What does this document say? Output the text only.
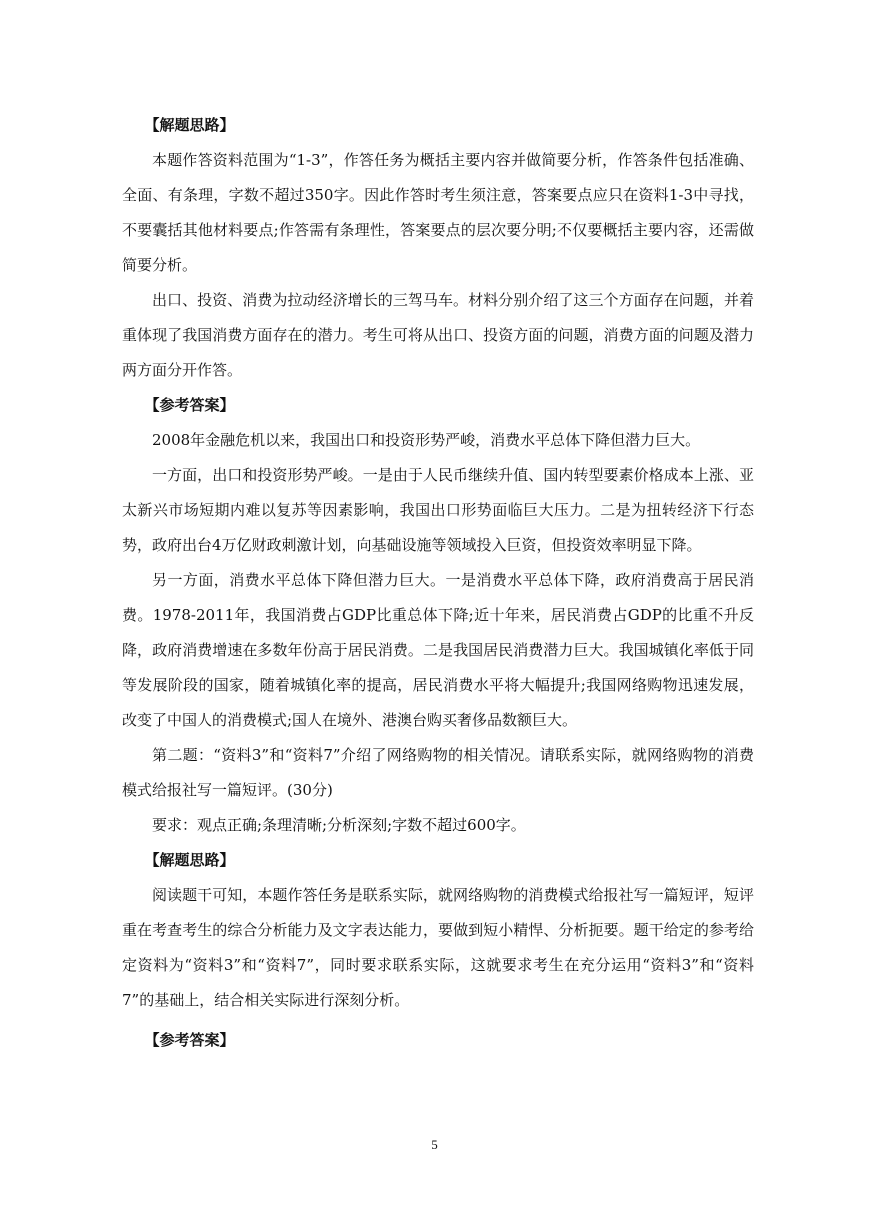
【解题思路】

本题作答资料范围为“1-3”，作答任务为概括主要内容并做简要分析，作答条件包括准确、全面、有条理，字数不超过350字。因此作答时考生须注意，答案要点应只在资料1-3中寻找，不要囊括其他材料要点;作答需有条理性，答案要点的层次要分明;不仅要概括主要内容，还需做简要分析。

出口、投资、消费为拉动经济增长的三驾马车。材料分别介绍了这三个方面存在问题，并着重体现了我国消费方面存在的潜力。考生可将从出口、投资方面的问题，消费方面的问题及潜力两方面分开作答。

【参考答案】

2008年金融危机以来，我国出口和投资形势严峻，消费水平总体下降但潜力巨大。

一方面，出口和投资形势严峻。一是由于人民币继续升值、国内转型要素价格成本上涨、亚太新兴市场短期内难以复苏等因素影响，我国出口形势面临巨大压力。二是为扭转经济下行态势，政府出台4万亿财政刺激计划，向基础设施等领域投入巨资，但投资效率明显下降。

另一方面，消费水平总体下降但潜力巨大。一是消费水平总体下降，政府消费高于居民消费。1978-2011年，我国消费占GDP比重总体下降;近十年来，居民消费占GDP的比重不升反降，政府消费增速在多数年份高于居民消费。二是我国居民消费潜力巨大。我国城镇化率低于同等发展阶段的国家，随着城镇化率的提高，居民消费水平将大幅提升;我国网络购物迅速发展，改变了中国人的消费模式;国人在境外、港澳台购买奢侈品数额巨大。

第二题：“资料3”和“资料7”介绍了网络购物的相关情况。请联系实际，就网络购物的消费模式给报社写一篇短评。(30分)

要求：观点正确;条理清晰;分析深刻;字数不超过600字。

【解题思路】

阅读题干可知，本题作答任务是联系实际，就网络购物的消费模式给报社写一篇短评，短评重在考查考生的综合分析能力及文字表达能力，要做到短小精悍、分析扼要。题干给定的参考给定资料为“资料3”和“资料7”，同时要求联系实际，这就要求考生在充分运用“资料3”和“资料7”的基础上，结合相关实际进行深刻分析。

【参考答案】

5
